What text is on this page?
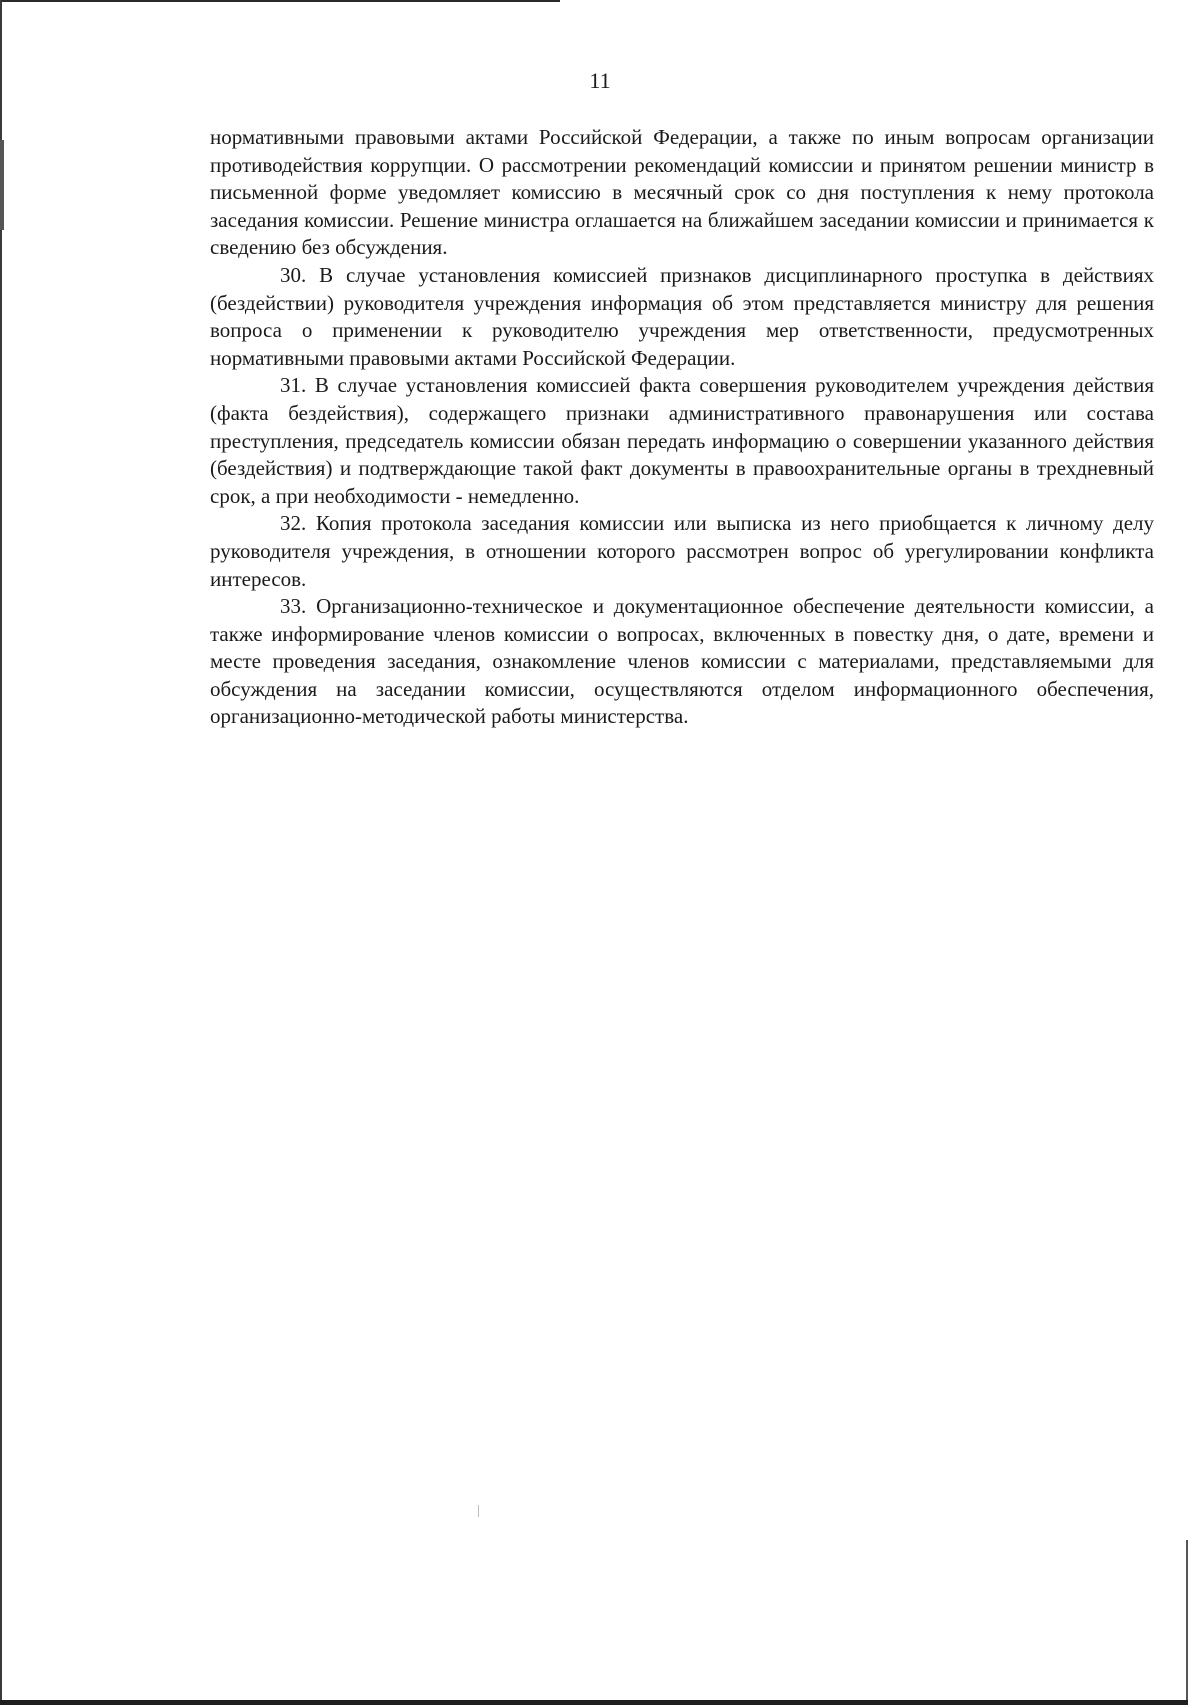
11

нормативными правовыми актами Российской Федерации, а также по иным вопросам организации противодействия коррупции. О рассмотрении рекомендаций комиссии и принятом решении министр в письменной форме уведомляет комиссию в месячный срок со дня поступления к нему протокола заседания комиссии. Решение министра оглашается на ближайшем заседании комиссии и принимается к сведению без обсуждения.

30. В случае установления комиссией признаков дисциплинарного проступка в действиях (бездействии) руководителя учреждения информация об этом представляется министру для решения вопроса о применении к руководителю учреждения мер ответственности, предусмотренных нормативными правовыми актами Российской Федерации.

31. В случае установления комиссией факта совершения руководителем учреждения действия (факта бездействия), содержащего признаки административного правонарушения или состава преступления, председатель комиссии обязан передать информацию о совершении указанного действия (бездействия) и подтверждающие такой факт документы в правоохранительные органы в трехдневный срок, а при необходимости - немедленно.

32. Копия протокола заседания комиссии или выписка из него приобщается к личному делу руководителя учреждения, в отношении которого рассмотрен вопрос об урегулировании конфликта интересов.

33. Организационно-техническое и документационное обеспечение деятельности комиссии, а также информирование членов комиссии о вопросах, включенных в повестку дня, о дате, времени и месте проведения заседания, ознакомление членов комиссии с материалами, представляемыми для обсуждения на заседании комиссии, осуществляются отделом информационного обеспечения, организационно-методической работы министерства.
